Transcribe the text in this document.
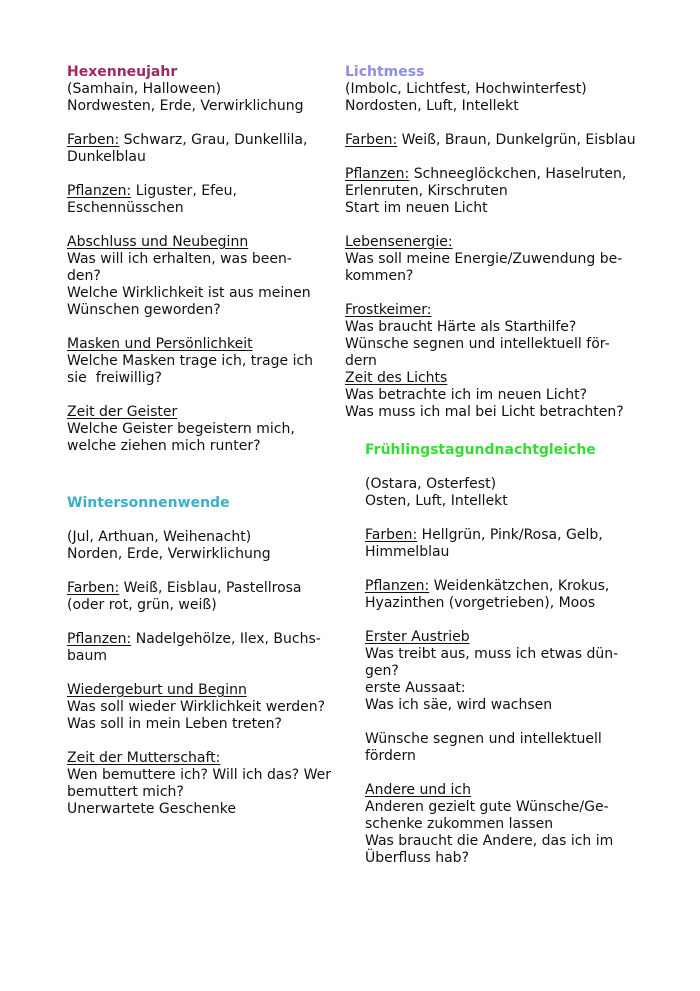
Hexenneujahr
(Samhain, Halloween)
Nordwesten, Erde, Verwirklichung
Farben: Schwarz, Grau, Dunkellila,
Dunkelblau
Pflanzen: Liguster, Efeu,
Eschennüsschen
Abschluss und Neubeginn
Was will ich erhalten, was been-
den?
Welche Wirklichkeit ist aus meinen
Wünschen geworden?
Masken und Persönlichkeit
Welche Masken trage ich, trage ich
sie  freiwillig?
Zeit der Geister
Welche Geister begeistern mich,
welche ziehen mich runter?
Wintersonnenwende
(Jul, Arthuan, Weihenacht)
Norden, Erde, Verwirklichung
Farben: Weiß, Eisblau, Pastellrosa
(oder rot, grün, weiß)
Pflanzen: Nadelgehölze, Ilex, Buchs-
baum
Wiedergeburt und Beginn
Was soll wieder Wirklichkeit werden?
Was soll in mein Leben treten?
Zeit der Mutterschaft:
Wen bemuttere ich? Will ich das? Wer
bemuttert mich?
Unerwartete Geschenke
Lichtmess
(Imbolc, Lichtfest, Hochwinterfest)
Nordosten, Luft, Intellekt
Farben: Weiß, Braun, Dunkelgrün, Eisblau
Pflanzen: Schneeglöckchen, Haselruten,
Erlenruten, Kirschruten
Start im neuen Licht
Lebensenergie:
Was soll meine Energie/Zuwendung be-
kommen?
Frostkeimer:
Was braucht Härte als Starthilfe?
Wünsche segnen und intellektuell för-
dern
Zeit des Lichts
Was betrachte ich im neuen Licht?
Was muss ich mal bei Licht betrachten?
Frühlingstagundnachtgleiche
(Ostara, Osterfest)
Osten, Luft, Intellekt
Farben: Hellgrün, Pink/Rosa, Gelb,
Himmelblau
Pflanzen: Weidenkätzchen, Krokus,
Hyazinthen (vorgetrieben), Moos
Erster Austrieb
Was treibt aus, muss ich etwas dün-
gen?
erste Aussaat:
Was ich säe, wird wachsen
Wünsche segnen und intellektuell
fördern
Andere und ich
Anderen gezielt gute Wünsche/Ge-
schenke zukommen lassen
Was braucht die Andere, das ich im
Überfluss hab?
